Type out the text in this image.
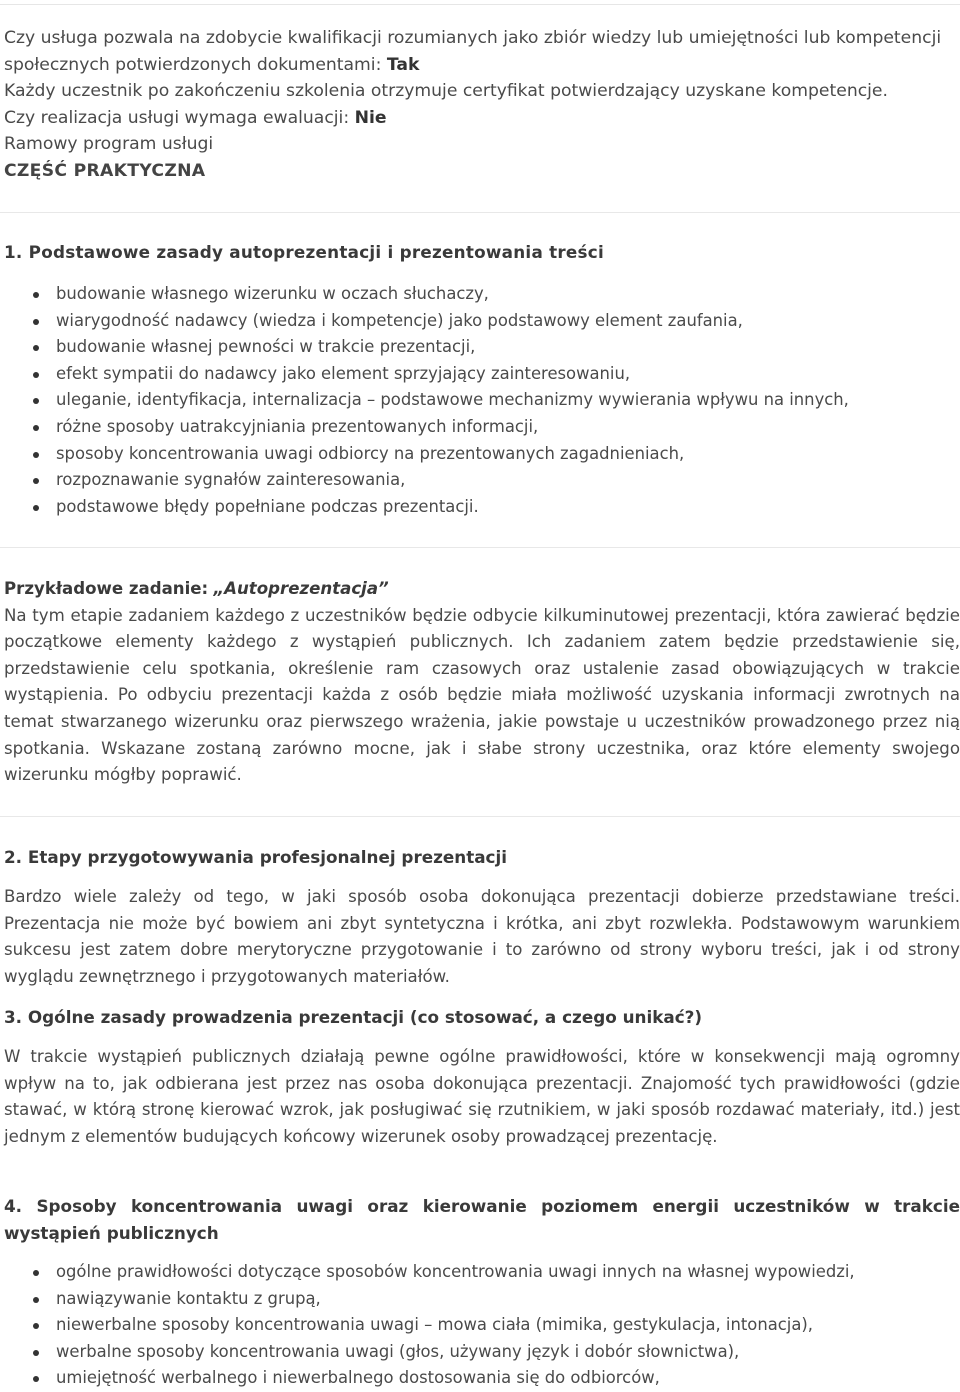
Czy usługa pozwala na zdobycie kwalifikacji rozumianych jako zbiór wiedzy lub umiejętności lub kompetencji społecznych potwierdzonych dokumentami: Tak
Każdy uczestnik po zakończeniu szkolenia otrzymuje certyfikat potwierdzający uzyskane kompetencje.
Czy realizacja usługi wymaga ewaluacji: Nie
Ramowy program usługi
CZĘŚĆ PRAKTYCZNA
1. Podstawowe zasady autoprezentacji i prezentowania treści
budowanie własnego wizerunku w oczach słuchaczy,
wiarygodność nadawcy (wiedza i kompetencje) jako podstawowy element zaufania,
budowanie własnej pewności w trakcie prezentacji,
efekt sympatii do nadawcy jako element sprzyjający zainteresowaniu,
uleganie, identyfikacja, internalizacja – podstawowe mechanizmy wywierania wpływu na innych,
różne sposoby uatrakcyjniania prezentowanych informacji,
sposoby koncentrowania uwagi odbiorcy na prezentowanych zagadnieniach,
rozpoznawanie sygnałów zainteresowania,
podstawowe błędy popełniane podczas prezentacji.
Przykładowe zadanie: „Autoprezentacja”
Na tym etapie zadaniem każdego z uczestników będzie odbycie kilkuminutowej prezentacji, która zawierać będzie początkowe elementy każdego z wystąpień publicznych. Ich zadaniem zatem będzie przedstawienie się, przedstawienie celu spotkania, określenie ram czasowych oraz ustalenie zasad obowiązujących w trakcie wystąpienia. Po odbyciu prezentacji każda z osób będzie miała możliwość uzyskania informacji zwrotnych na temat stwarzanego wizerunku oraz pierwszego wrażenia, jakie powstaje u uczestników prowadzonego przez nią spotkania. Wskazane zostaną zarówno mocne, jak i słabe strony uczestnika, oraz które elementy swojego wizerunku mógłby poprawić.
2. Etapy przygotowywania profesjonalnej prezentacji
Bardzo wiele zależy od tego, w jaki sposób osoba dokonująca prezentacji dobierze przedstawiane treści. Prezentacja nie może być bowiem ani zbyt syntetyczna i krótka, ani zbyt rozwlekła. Podstawowym warunkiem sukcesu jest zatem dobre merytoryczne przygotowanie i to zarówno od strony wyboru treści, jak i od strony wyglądu zewnętrznego i przygotowanych materiałów.
3. Ogólne zasady prowadzenia prezentacji (co stosować, a czego unikać?)
W trakcie wystąpień publicznych działają pewne ogólne prawidłowości, które w konsekwencji mają ogromny wpływ na to, jak odbierana jest przez nas osoba dokonująca prezentacji. Znajomość tych prawidłowości (gdzie stawać, w którą stronę kierować wzrok, jak posługiwać się rzutnikiem, w jaki sposób rozdawać materiały, itd.) jest jednym z elementów budujących końcowy wizerunek osoby prowadzącej prezentację.
4. Sposoby koncentrowania uwagi oraz kierowanie poziomem energii uczestników w trakcie wystąpień publicznych
ogólne prawidłowości dotyczące sposobów koncentrowania uwagi innych na własnej wypowiedzi,
nawiązywanie kontaktu z grupą,
niewerbalne sposoby koncentrowania uwagi – mowa ciała (mimika, gestykulacja, intonacja),
werbalne sposoby koncentrowania uwagi (głos, używany język i dobór słownictwa),
umiejętność werbalnego i niewerbalnego dostosowania się do odbiorców,
